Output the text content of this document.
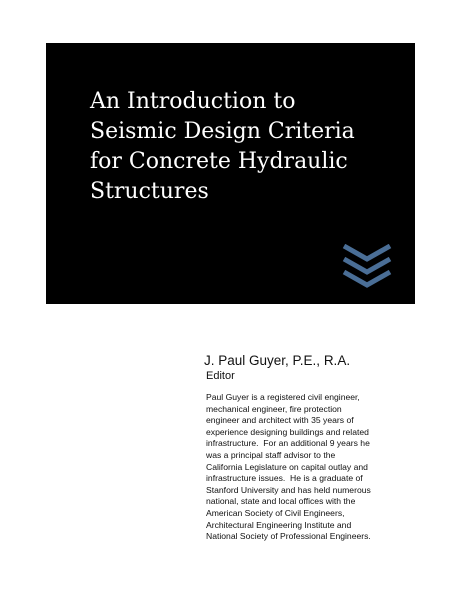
An Introduction to
Seismic Design Criteria
for Concrete Hydraulic
Structures

J. Paul Guyer, P.E., R.A.

Editor

Paul Guyer is a registered civil engineer,
mechanical engineer, fire protection
engineer and architect with 35 years of
experience designing buildings and related
infrastructure.  For an additional 9 years he
was a principal staff advisor to the
California Legislature on capital outlay and
infrastructure issues.  He is a graduate of
Stanford University and has held numerous
national, state and local offices with the
American Society of Civil Engineers,
Architectural Engineering Institute and
National Society of Professional Engineers.
